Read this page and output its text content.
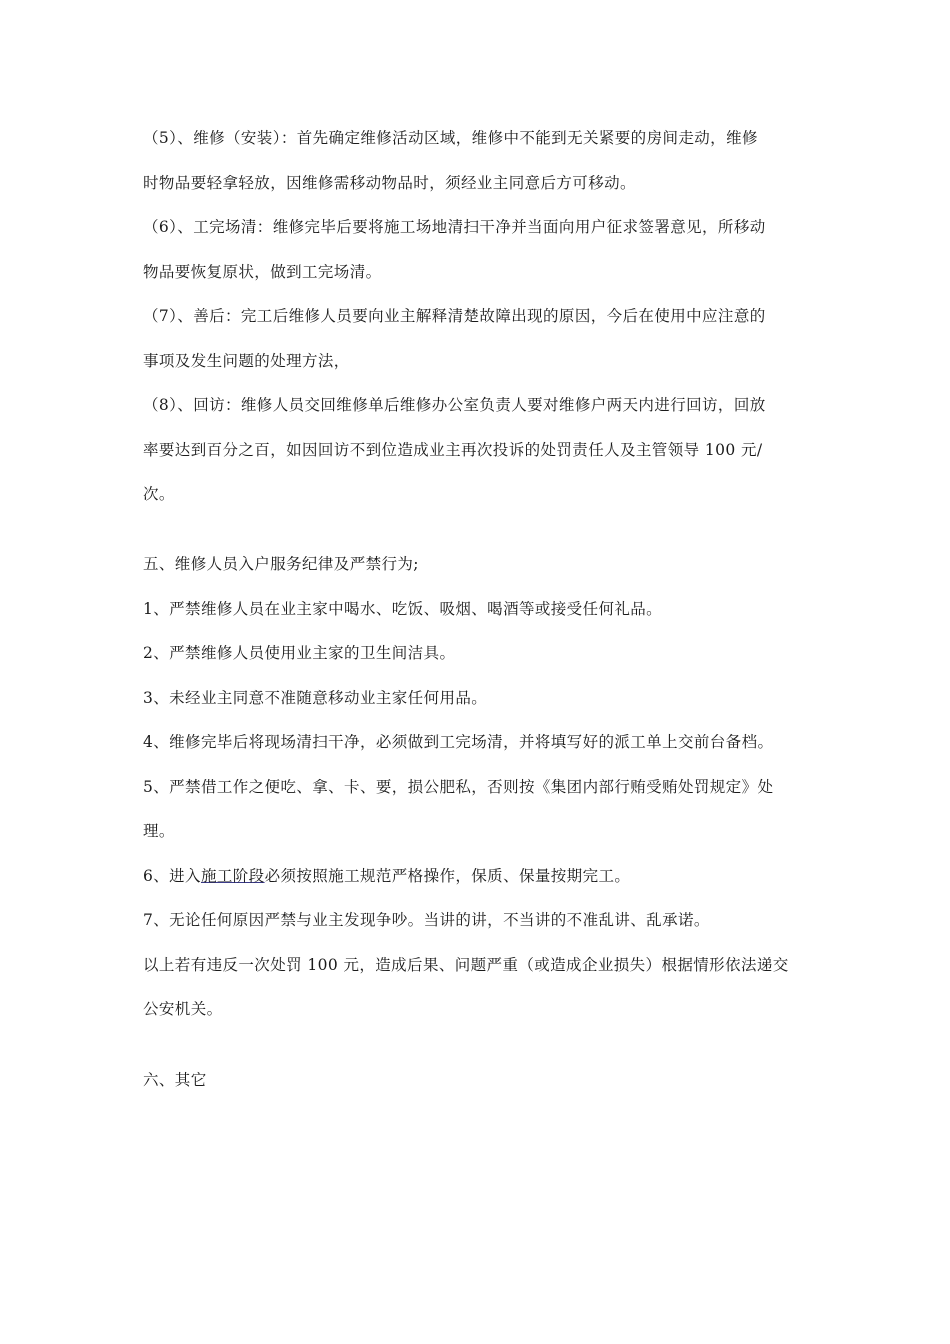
（5）、维修（安装）：首先确定维修活动区域，维修中不能到无关紧要的房间走动，维修
时物品要轻拿轻放，因维修需移动物品时，须经业主同意后方可移动。
（6）、工完场清：维修完毕后要将施工场地清扫干净并当面向用户征求签署意见，所移动
物品要恢复原状，做到工完场清。
（7）、善后：完工后维修人员要向业主解释清楚故障出现的原因，今后在使用中应注意的
事项及发生问题的处理方法，
（8）、回访：维修人员交回维修单后维修办公室负责人要对维修户两天内进行回访，回放
率要达到百分之百，如因回访不到位造成业主再次投诉的处罚责任人及主管领导 100 元/
次。
五、维修人员入户服务纪律及严禁行为;
1、严禁维修人员在业主家中喝水、吃饭、吸烟、喝酒等或接受任何礼品。
2、严禁维修人员使用业主家的卫生间洁具。
3、未经业主同意不准随意移动业主家任何用品。
4、维修完毕后将现场清扫干净，必须做到工完场清，并将填写好的派工单上交前台备档。
5、严禁借工作之便吃、拿、卡、要，损公肥私，否则按《集团内部行贿受贿处罚规定》处
理。
6、进入施工阶段必须按照施工规范严格操作，保质、保量按期完工。
7、无论任何原因严禁与业主发现争吵。当讲的讲，不当讲的不准乱讲、乱承诺。
以上若有违反一次处罚 100 元，造成后果、问题严重（或造成企业损失）根据情形依法递交
公安机关。
六、其它
